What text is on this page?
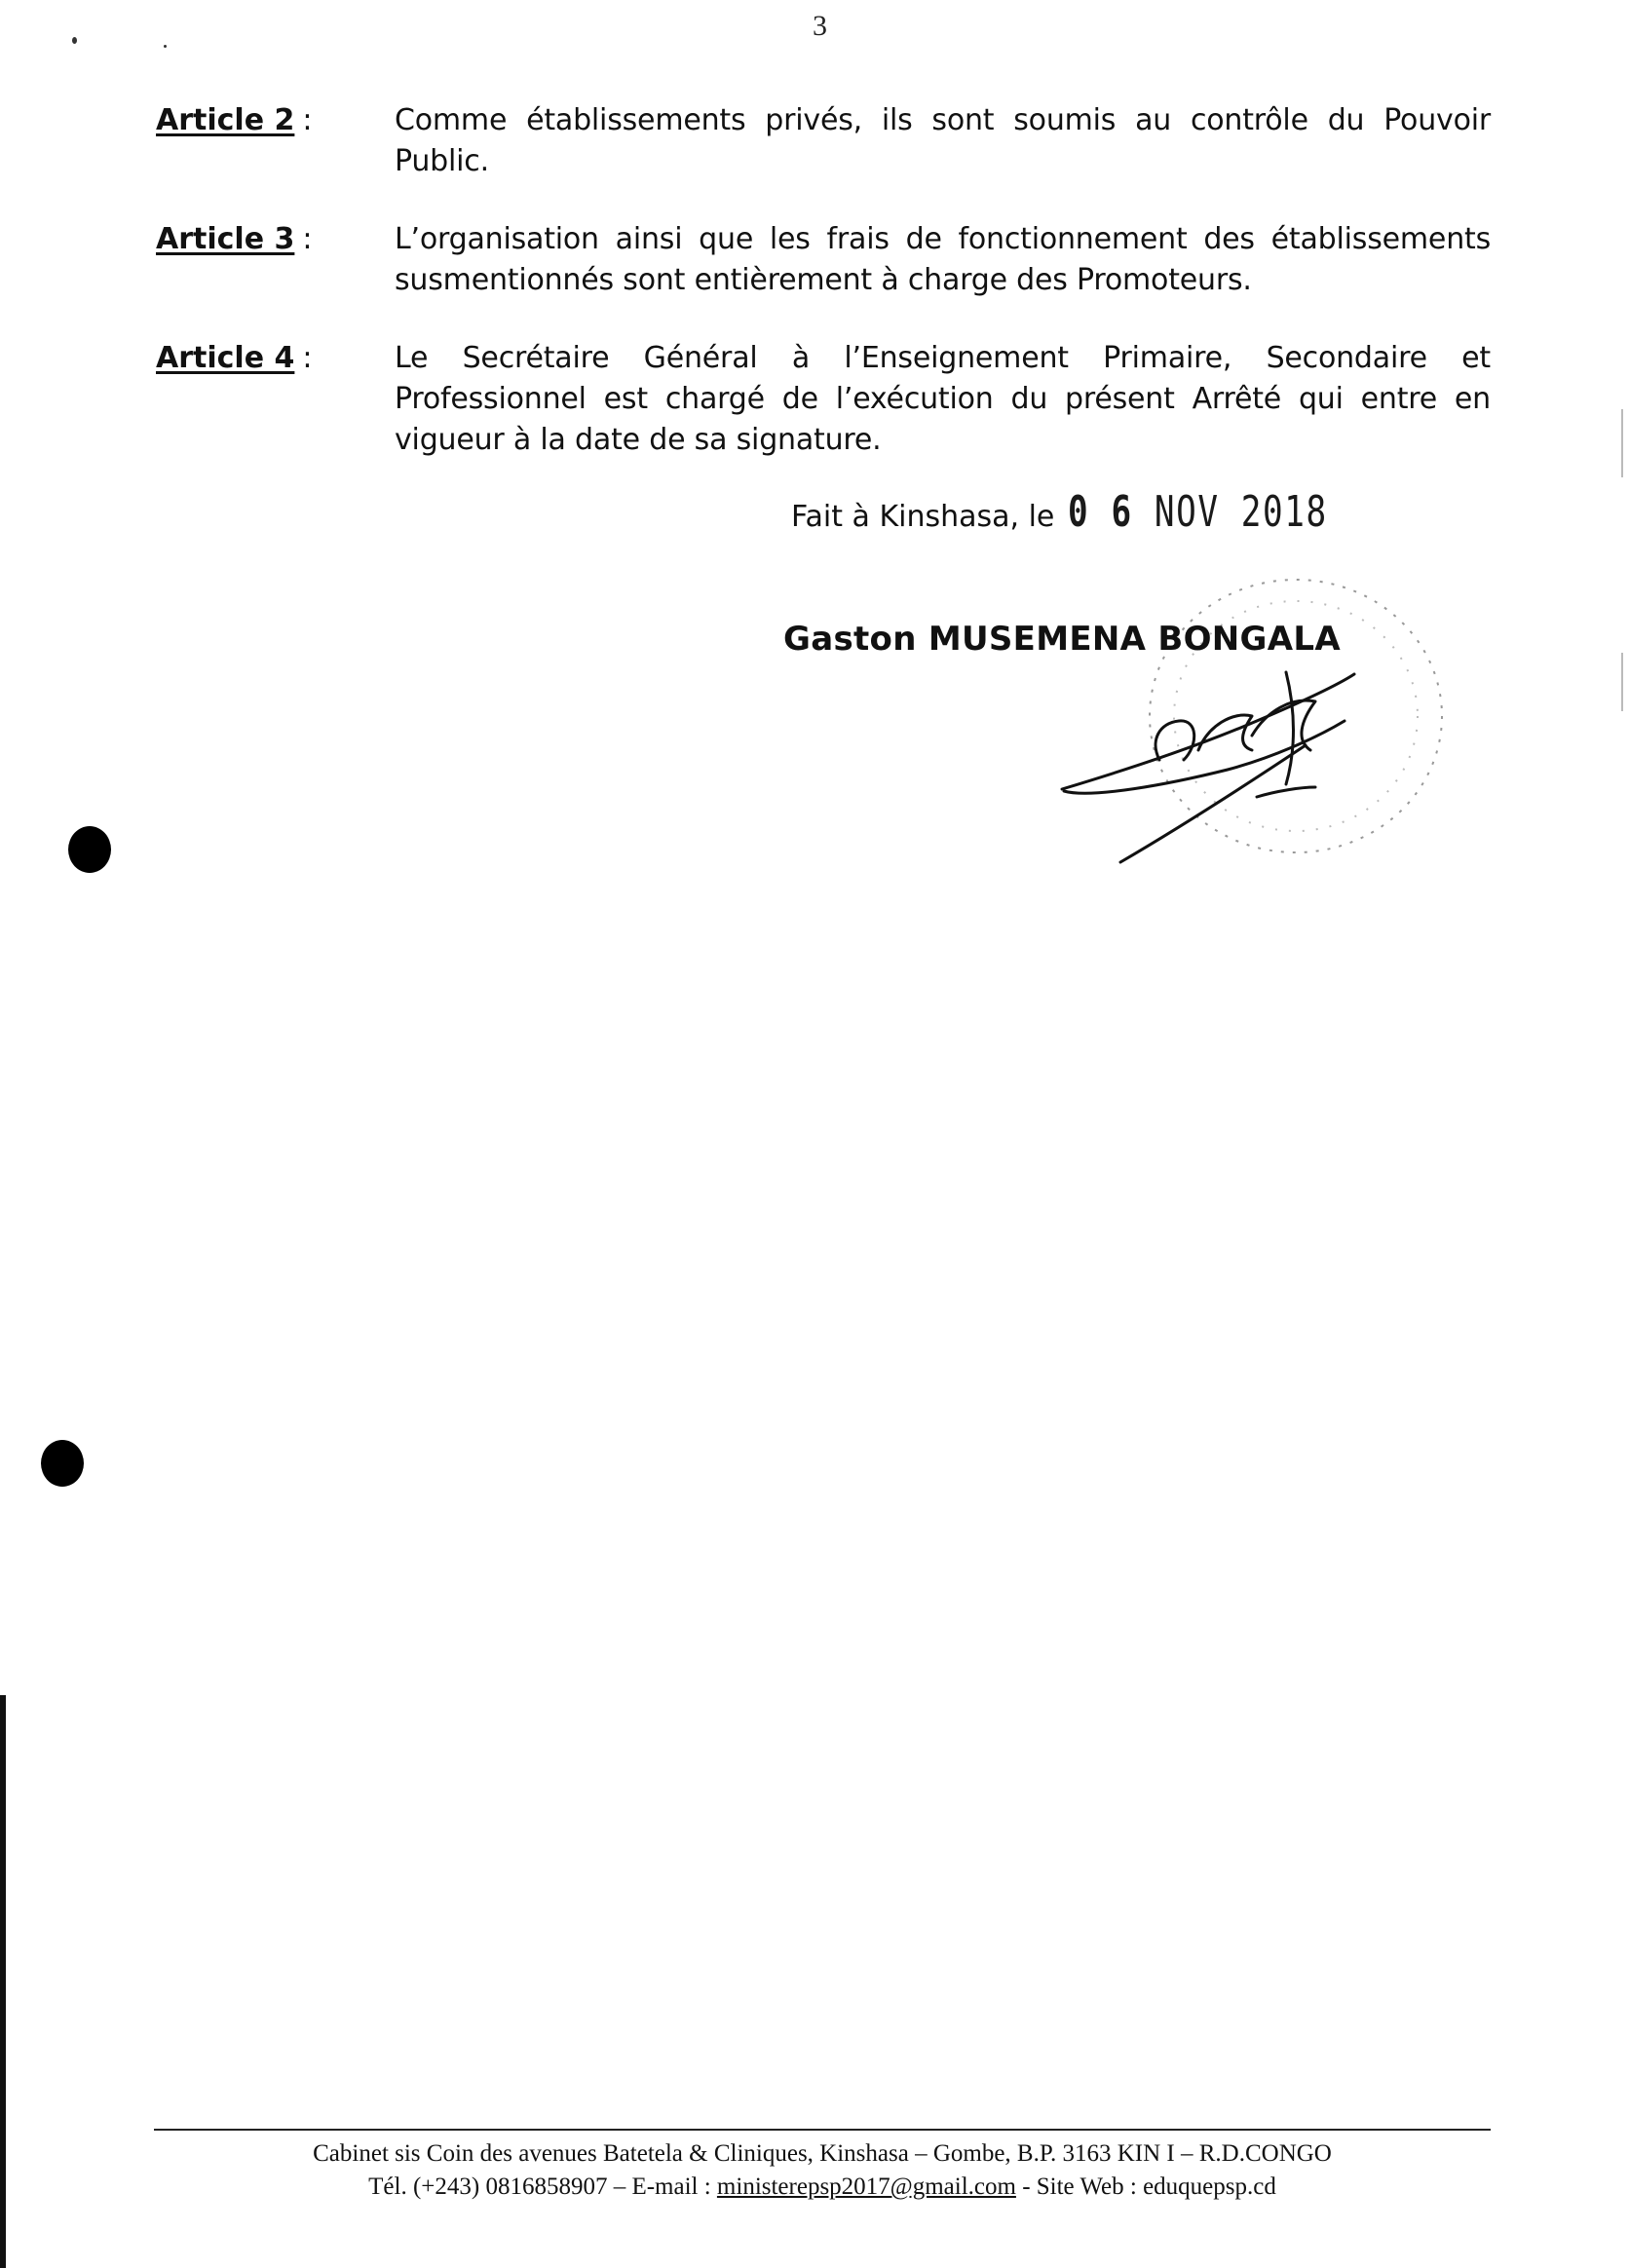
3
Article 2 :	Comme établissements privés, ils sont soumis au contrôle du Pouvoir Public.
Article 3 :	L’organisation ainsi que les frais de fonctionnement des établissements susmentionnés sont entièrement à charge des Promoteurs.
Article 4 :	Le Secrétaire Général à l’Enseignement Primaire, Secondaire et Professionnel est chargé de l’exécution du présent Arrêté qui entre en vigueur à la date de sa signature.
Fait à Kinshasa, le 0 6 NOV 2018
Gaston MUSEMENA BONGALA
Cabinet sis Coin des avenues Batetela & Cliniques, Kinshasa – Gombe, B.P. 3163 KIN I – R.D.CONGO
Tél. (+243) 0816858907 – E-mail : ministerepsp2017@gmail.com - Site Web : eduquepsp.cd
